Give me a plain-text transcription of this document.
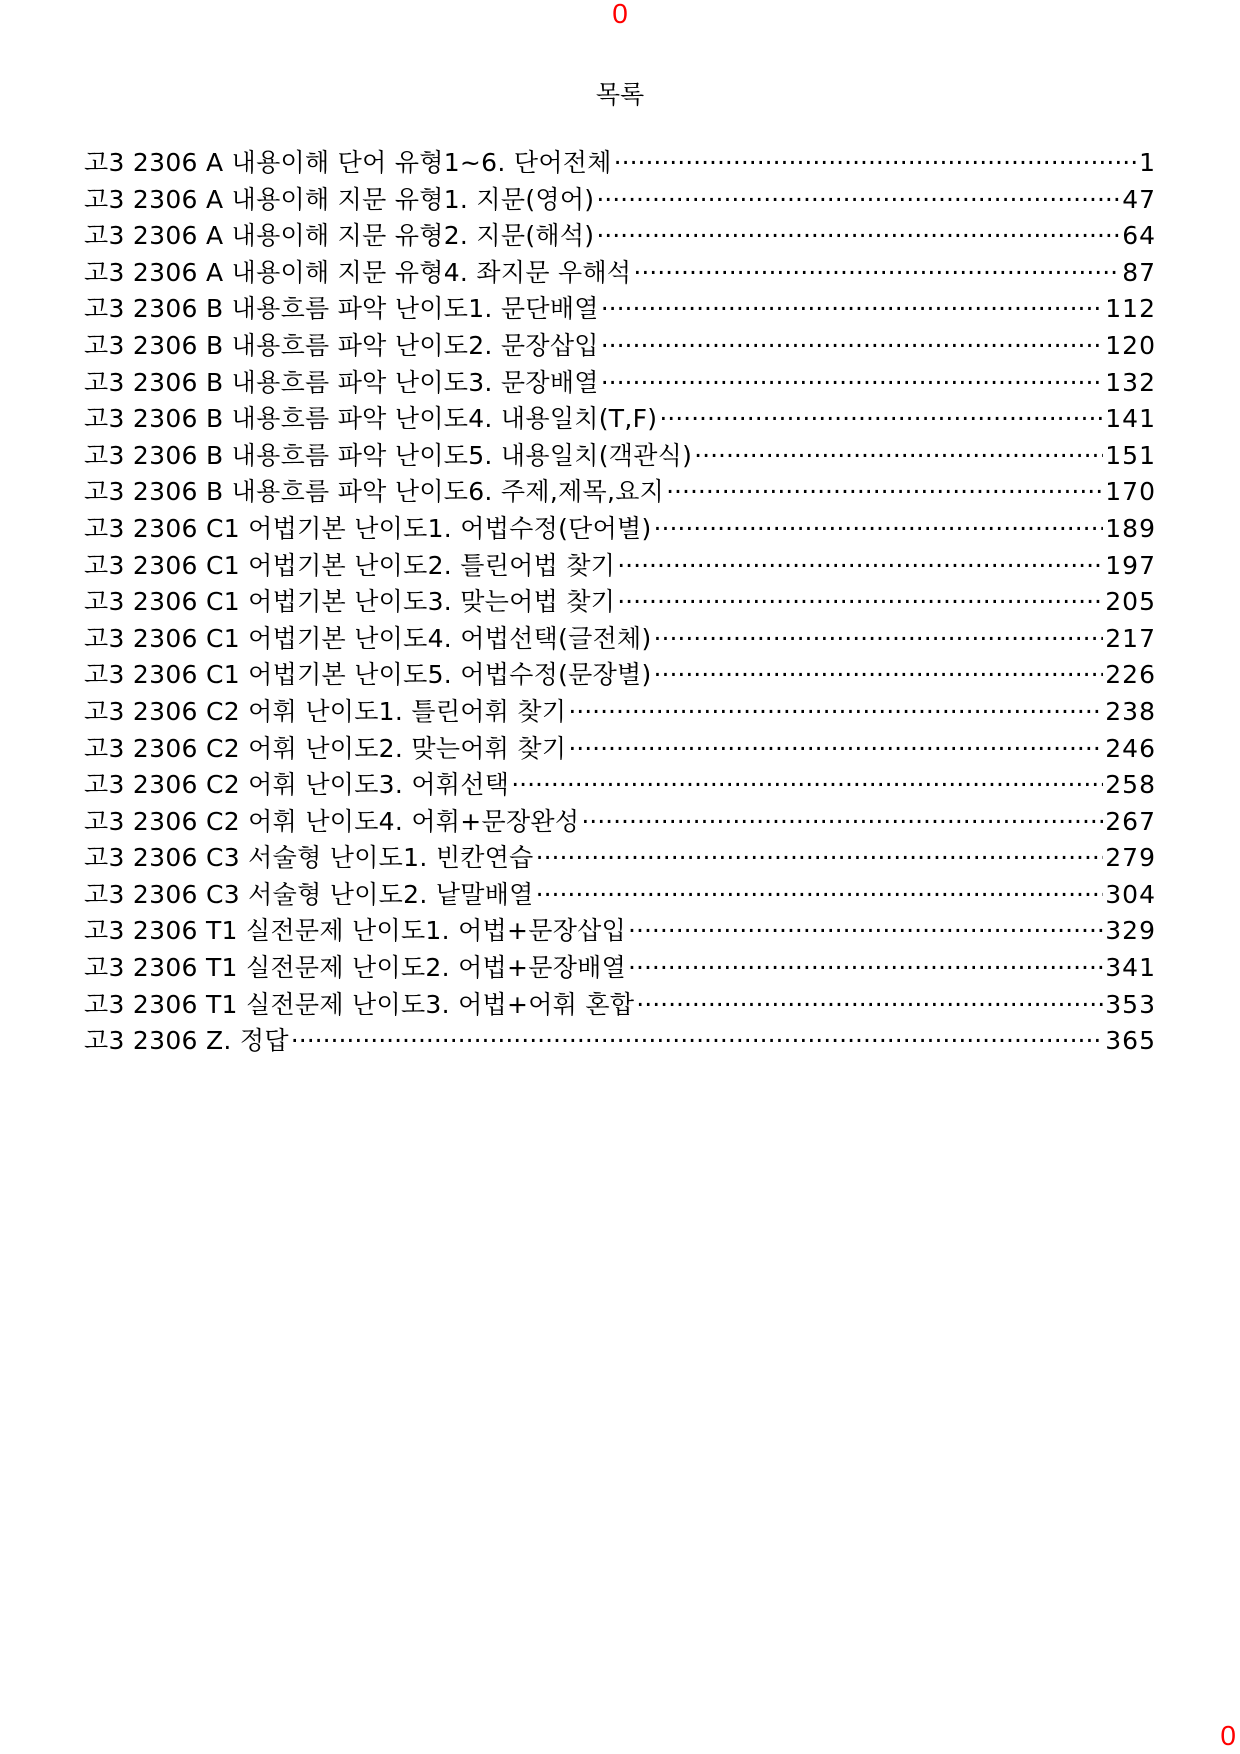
0
목록
고3 2306 A 내용이해 단어 유형1~6. 단어전체 ·····	1
고3 2306 A 내용이해 지문 유형1. 지문(영어) ·····	47
고3 2306 A 내용이해 지문 유형2. 지문(해석) ·····	64
고3 2306 A 내용이해 지문 유형4. 좌지문 우해석 ·····	87
고3 2306 B 내용흐름 파악 난이도1. 문단배열 ·····	112
고3 2306 B 내용흐름 파악 난이도2. 문장삽입 ·····	120
고3 2306 B 내용흐름 파악 난이도3. 문장배열 ·····	132
고3 2306 B 내용흐름 파악 난이도4. 내용일치(T,F) ·····	141
고3 2306 B 내용흐름 파악 난이도5. 내용일치(객관식) ·····	151
고3 2306 B 내용흐름 파악 난이도6. 주제,제목,요지 ·····	170
고3 2306 C1 어법기본 난이도1. 어법수정(단어별) ·····	189
고3 2306 C1 어법기본 난이도2. 틀린어법 찾기 ·····	197
고3 2306 C1 어법기본 난이도3. 맞는어법 찾기 ·····	205
고3 2306 C1 어법기본 난이도4. 어법선택(글전체) ·····	217
고3 2306 C1 어법기본 난이도5. 어법수정(문장별) ·····	226
고3 2306 C2 어휘 난이도1. 틀린어휘 찾기 ·····	238
고3 2306 C2 어휘 난이도2. 맞는어휘 찾기 ·····	246
고3 2306 C2 어휘 난이도3. 어휘선택 ·····	258
고3 2306 C2 어휘 난이도4. 어휘+문장완성 ·····	267
고3 2306 C3 서술형 난이도1. 빈칸연습 ·····	279
고3 2306 C3 서술형 난이도2. 낱말배열 ·····	304
고3 2306 T1 실전문제 난이도1. 어법+문장삽입 ·····	329
고3 2306 T1 실전문제 난이도2. 어법+문장배열 ·····	341
고3 2306 T1 실전문제 난이도3. 어법+어휘 혼합 ·····	353
고3 2306 Z. 정답 ·····	365
0
